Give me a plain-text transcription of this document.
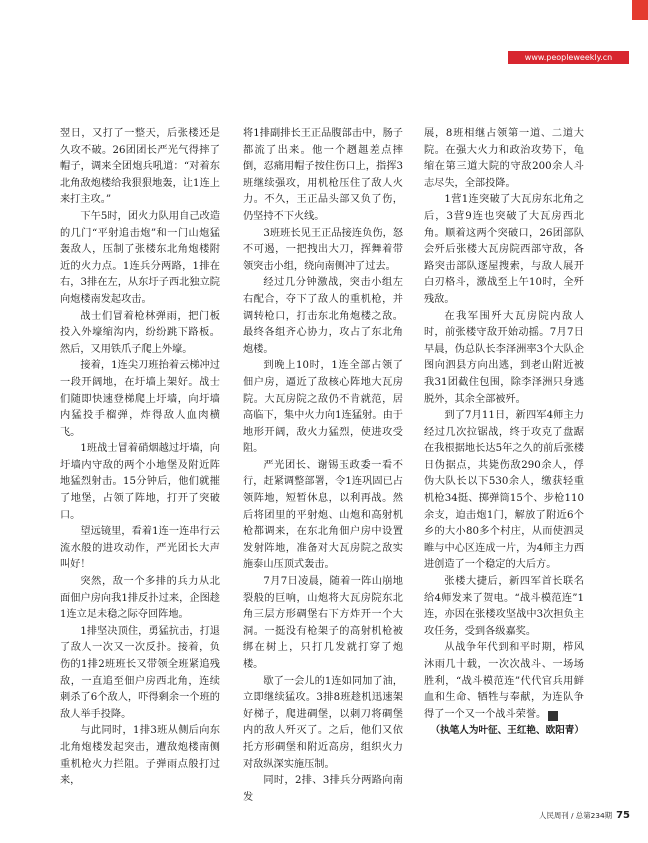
www.peopleweekly.cn

翌日，又打了一整天，后张楼还是久攻不破。26团团长严光气得摔了帽子，调来全团炮兵吼道：“对着东北角敌炮楼给我狠狠地轰，让1连上来打主攻。”

下午5时，团火力队用自己改造的几门“平射追击炮”和一门山炮猛轰敌人，压制了张楼东北角炮楼附近的火力点。1连兵分两路，1排在右，3排在左，从东圩子西北独立院向炮楼南发起攻击。

战士们冒着枪林弹雨，把门板投入外壕缩沟内，纷纷跳下路板。然后，又用铁爪子爬上外壕。

接着，1连尖刀班抬着云梯冲过一段开阔地，在圩墙上架好。战士们随即快速登梯爬上圩墙，向圩墙内猛投手榴弹，炸得敌人血肉横飞。

1班战士冒着硝烟越过圩墙，向圩墙内守敌的两个小地堡及附近阵地猛烈射击。15分钟后，他们就摧了地堡，占领了阵地，打开了突破口。

望远镜里，看着1连一连串行云流水般的进攻动作，严光团长大声叫好！

突然，敌一个多排的兵力从北面佃户房向我1排反扑过来，企图趁1连立足未稳之际夺回阵地。

1排坚决顶住，勇猛抗击，打退了敌人一次又一次反扑。接着，负伤的1排2班班长又带领全班紧追残敌，一直追至佃户房西北角，连续刺杀了6个敌人，吓得剩余一个班的敌人举手投降。

与此同时，1排3班从侧后向东北角炮楼发起突击，遭敌炮楼南侧重机枪火力拦阻。子弹雨点般打过来，

将1排副排长王正品腹部击中，肠子都流了出来。他一个趔趄差点摔倒，忍痛用帽子按住伤口上，指挥3班继续强攻，用机枪压住了敌人火力。不久，王正品头部又负了伤，仍坚持不下火线。

3班班长见王正品接连负伤，怒不可遏，一把拽出大刀，挥舞着带领突击小组，绕向南侧冲了过去。

经过几分钟激战，突击小组左右配合，夺下了敌人的重机枪，并调转枪口，打击东北角炮楼之敌。最终各组齐心协力，攻占了东北角炮楼。

到晚上10时，1连全部占领了佃户房，逼近了敌核心阵地大瓦房院。大瓦房院之敌仍不肯就范，居高临下，集中火力向1连猛射。由于地形开阔，敌火力猛烈，使进攻受阻。

严光团长、谢锡玉政委一看不行，赶紧调整部署，令1连巩固已占领阵地，短暂休息，以利再战。然后将团里的平射炮、山炮和高射机枪都调来，在东北角佃户房中设置发射阵地，准备对大瓦房院之敌实施泰山压顶式轰击。

7月7日凌晨，随着一阵山崩地裂般的巨响，山炮将大瓦房院东北角三层方形碉堡右下方炸开一个大洞。一挺没有枪架子的高射机枪被绑在树上，只打几发就打穿了炮楼。

歇了一会儿的1连如同加了油，立即继续猛攻。3排8班趁机迅速架好梯子，爬进碉堡，以刺刀将碉堡内的敌人歼灭了。之后，他们又依托方形碉堡和附近高房，组织火力对敌纵深实施压制。

同时，2排、3排兵分两路向南发

展，8班相继占领第一道、二道大院。在强大火力和政治攻势下，龟缩在第三道大院的守敌200余人斗志尽失，全部投降。

1营1连突破了大瓦房东北角之后，3营9连也突破了大瓦房西北角。顺着这两个突破口，26团部队会歼后张楼大瓦房院西部守敌，各路突击部队逐屋搜索，与敌人展开白刃格斗，激战至上午10时，全歼残敌。

在我军围歼大瓦房院内敌人时，前张楼守敌开始动摇。7月7日早晨，伪总队长李泽洲率3个大队企图向泗县方向出逃，到老山附近被我31团截住包围，除李泽洲只身逃脱外，其余全部被歼。

到了7月11日，新四军4师主力经过几次拉锯战，终于攻克了盘踞在我根据地长达5年之久的前后张楼日伪据点，共毙伤敌290余人，俘伪大队长以下530余人，缴获轻重机枪34挺、掷弹筒15个、步枪110余支，迫击炮1门，解放了附近6个乡的大小80多个村庄，从而使泗灵睢与中心区连成一片，为4师主力西进创造了一个稳定的大后方。

张楼大捷后，新四军首长联名给4师发来了贺电。“战斗模范连”1连，亦因在张楼攻坚战中3次担负主攻任务，受到各级嘉奖。

从战争年代到和平时期，栉风沐雨几十载，一次次战斗、一场场胜利，“战斗模范连”代代官兵用鲜血和生命、牺牲与奉献，为连队争得了一个又一个战斗荣誉。	K

（执笔人为叶征、王红艳、欧阳青）

人民周刊 / 总第234期 75
